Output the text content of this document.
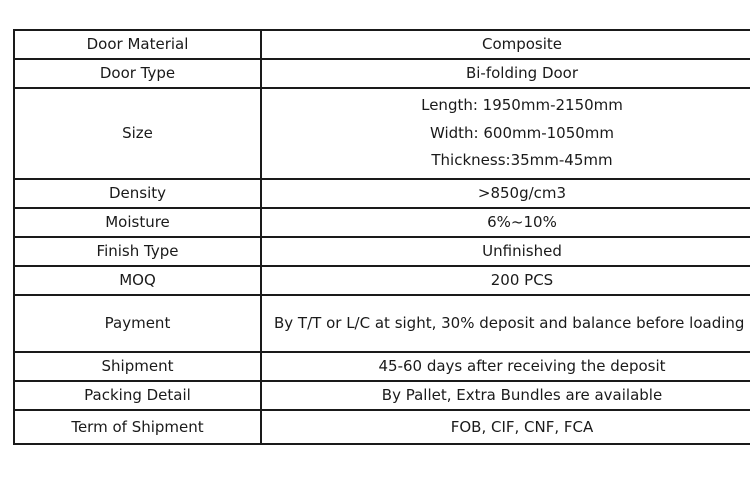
Door Material	Composite
Door Type	Bi-folding Door
Size	Length: 1950mm-2150mm
Width: 600mm-1050mm
Thickness:35mm-45mm

Density	>850g/cm3
Moisture	6%~10%
Finish Type	Unfinished
MOQ	200 PCS
Payment	By T/T or L/C at sight, 30% deposit and balance before loading
Shipment	45-60 days after receiving the deposit
Packing Detail	By Pallet, Extra Bundles are available
Term of Shipment	FOB, CIF, CNF, FCA
